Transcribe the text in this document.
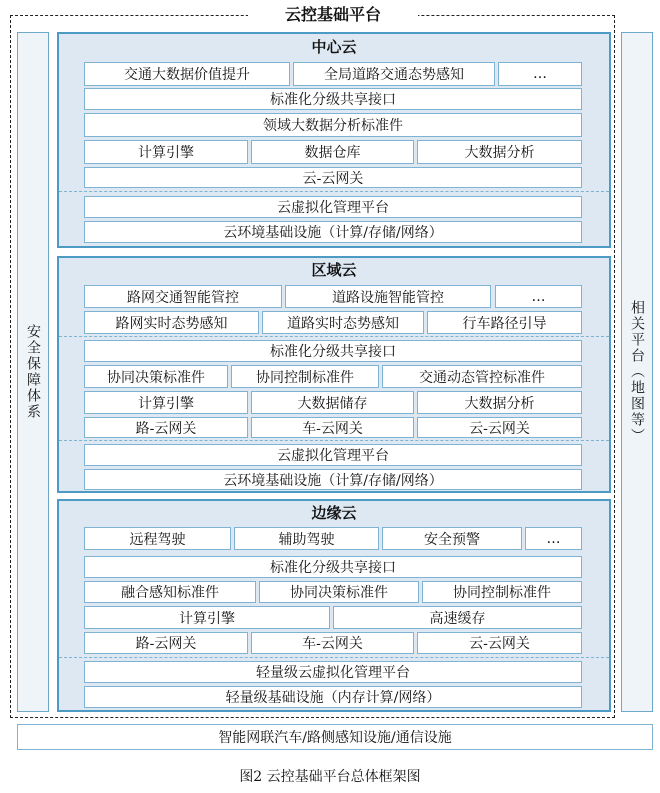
云控基础平台
安全保障体系	相关平台（地图等）
中心云
交通大数据价值提升	全局道路交通态势感知	…
标准化分级共享接口
领域大数据分析标准件
计算引擎	数据仓库	大数据分析
云-云网关
云虚拟化管理平台
云环境基础设施（计算/存储/网络）
区域云
路网交通智能管控	道路设施智能管控	…
路网实时态势感知	道路实时态势感知	行车路径引导
标准化分级共享接口
协同决策标准件	协同控制标准件	交通动态管控标准件
计算引擎	大数据储存	大数据分析
路-云网关	车-云网关	云-云网关
云虚拟化管理平台
云环境基础设施（计算/存储/网络）
边缘云
远程驾驶	辅助驾驶	安全预警	…
标准化分级共享接口
融合感知标准件	协同决策标准件	协同控制标准件
计算引擎	高速缓存
路-云网关	车-云网关	云-云网关
轻量级云虚拟化管理平台
轻量级基础设施（内存计算/网络）
智能网联汽车/路侧感知设施/通信设施
图2 云控基础平台总体框架图
